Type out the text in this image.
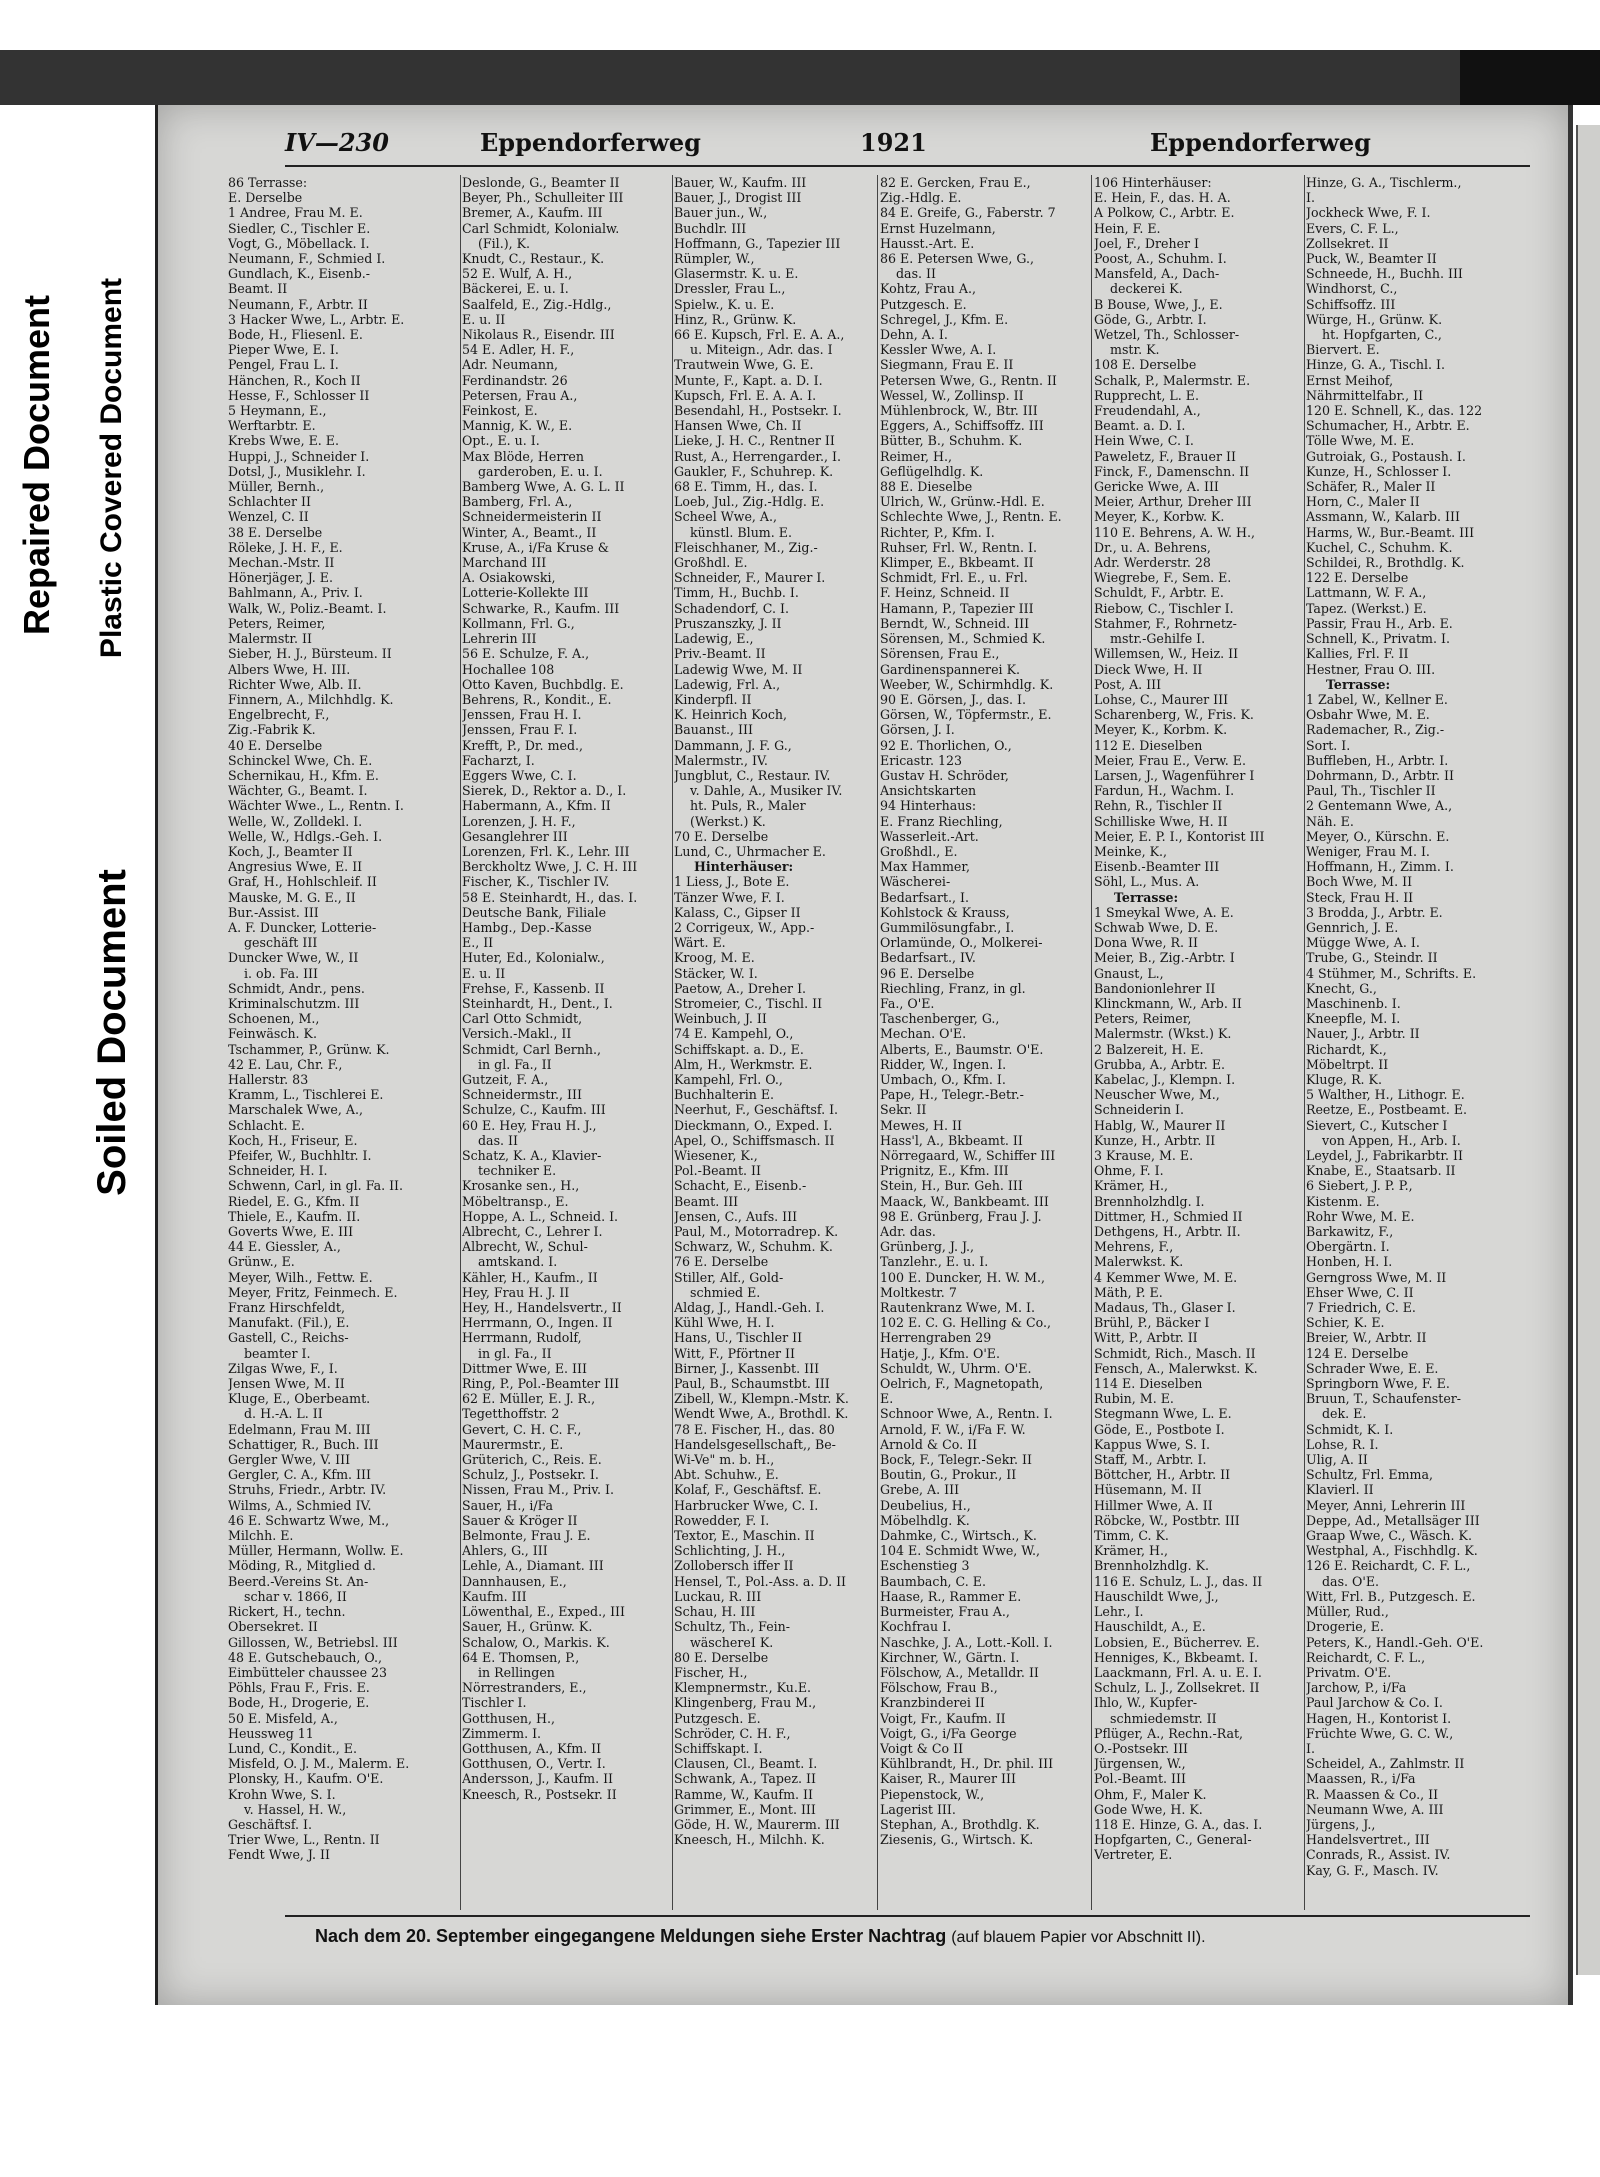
Repaired Document Plastic Covered Document
Soiled Document
IV—230	Eppendorferweg	1921	Eppendorferweg
86 Terrasse:
E. Derselbe
1 Andree, Frau M. E.
Siedler, C., Tischler E.
Vogt, G., Möbellack. I.
Neumann, F., Schmied I.
Gundlach, K., Eisenb.-
Beamt. II
Neumann, F., Arbtr. II
3 Hacker Wwe, L., Arbtr. E.
Bode, H., Fliesenl. E.
Pieper Wwe, E. I.
Pengel, Frau L. I.
Hänchen, R., Koch II
Hesse, F., Schlosser II
5 Heymann, E.,
Werftarbtr. E.
Krebs Wwe, E. E.
Huppi, J., Schneider I.
Dotsl, J., Musiklehr. I.
Müller, Bernh.,
Schlachter II
Wenzel, C. II
38 E. Derselbe
Röleke, J. H. F., E.
Mechan.-Mstr. II
Hönerjäger, J. E.
Bahlmann, A., Priv. I.
Walk, W., Poliz.-Beamt. I.
Peters, Reimer,
Malermstr. II
Sieber, H. J., Bürsteum. II
Albers Wwe, H. III.
Richter Wwe, Alb. II.
Finnern, A., Milchhdlg. K.
Engelbrecht, F.,
Zig.-Fabrik K.
40 E. Derselbe
Schinckel Wwe, Ch. E.
Schernikau, H., Kfm. E.
Wächter, G., Beamt. I.
Wächter Wwe., L., Rentn. I.
Welle, W., Zolldekl. I.
Welle, W., Hdlgs.-Geh. I.
Koch, J., Beamter II
Angresius Wwe, E. II
Graf, H., Hohlschleif. II
Mauske, M. G. E., II
Bur.-Assist. III
A. F. Duncker, Lotterie-
geschäft III
Duncker Wwe, W., II
i. ob. Fa. III
Schmidt, Andr., pens.
Kriminalschutzm. III
Schoenen, M.,
Feinwäsch. K.
Tschammer, P., Grünw. K.
42 E. Lau, Chr. F.,
Hallerstr. 83
Kramm, L., Tischlerei E.
Marschalek Wwe, A.,
Schlacht. E.
Koch, H., Friseur, E.
Pfeifer, W., Buchhltr. I.
Schneider, H. I.
Schwenn, Carl, in gl. Fa. II.
Riedel, E. G., Kfm. II
Thiele, E., Kaufm. II.
Goverts Wwe, E. III
44 E. Giessler, A.,
Grünw., E.
Meyer, Wilh., Fettw. E.
Meyer, Fritz, Feinmech. E.
Franz Hirschfeldt,
Manufakt. (Fil.), E.
Gastell, C., Reichs-
beamter I.
Zilgas Wwe, F., I.
Jensen Wwe, M. II
Kluge, E., Oberbeamt.
d. H.-A. L. II
Edelmann, Frau M. III
Schattiger, R., Buch. III
Gergler Wwe, V. III
Gergler, C. A., Kfm. III
Struhs, Friedr., Arbtr. IV.
Wilms, A., Schmied IV.
46 E. Schwartz Wwe, M.,
Milchh. E.
Müller, Hermann, Wollw. E.
Möding, R., Mitglied d.
Beerd.-Vereins St. An-
schar v. 1866, II
Rickert, H., techn.
Obersekret. II
Gillossen, W., Betriebsl. III
48 E. Gutschebauch, O.,
Eimbütteler chaussee 23
Pöhls, Frau F., Fris. E.
Bode, H., Drogerie, E.
50 E. Misfeld, A.,
Heussweg 11
Lund, C., Kondit., E.
Misfeld, O. J. M., Malerm. E.
Plonsky, H., Kaufm. O'E.
Krohn Wwe, S. I.
v. Hassel, H. W.,
Geschäftsf. I.
Trier Wwe, L., Rentn. II
Fendt Wwe, J. II
Deslonde, G., Beamter II
Beyer, Ph., Schulleiter III
Bremer, A., Kaufm. III
Carl Schmidt, Kolonialw.
(Fil.), K.
Knudt, C., Restaur., K.
52 E. Wulf, A. H.,
Bäckerei, E. u. I.
Saalfeld, E., Zig.-Hdlg.,
E. u. II
Nikolaus R., Eisendr. III
54 E. Adler, H. F.,
Adr. Neumann,
Ferdinandstr. 26
Petersen, Frau A.,
Feinkost, E.
Mannig, K. W., E.
Opt., E. u. I.
Max Blöde, Herren
garderoben, E. u. I.
Bamberg Wwe, A. G. L. II
Bamberg, Frl. A.,
Schneidermeisterin II
Winter, A., Beamt., II
Kruse, A., i/Fa Kruse &
Marchand III
A. Osiakowski,
Lotterie-Kollekte III
Schwarke, R., Kaufm. III
Kollmann, Frl. G.,
Lehrerin III
56 E. Schulze, F. A.,
Hochallee 108
Otto Kaven, Buchbdlg. E.
Behrens, R., Kondit., E.
Jenssen, Frau H. I.
Jenssen, Frau F. I.
Krefft, P., Dr. med.,
Facharzt, I.
Eggers Wwe, C. I.
Sierek, D., Rektor a. D., I.
Habermann, A., Kfm. II
Lorenzen, J. H. F.,
Gesanglehrer III
Lorenzen, Frl. K., Lehr. III
Berckholtz Wwe, J. C. H. III
Fischer, K., Tischler IV.
58 E. Steinhardt, H., das. I.
Deutsche Bank, Filiale
Hambg., Dep.-Kasse
E., II
Huter, Ed., Kolonialw.,
E. u. II
Frehse, F., Kassenb. II
Steinhardt, H., Dent., I.
Carl Otto Schmidt,
Versich.-Makl., II
Schmidt, Carl Bernh.,
in gl. Fa., II
Gutzeit, F. A.,
Schneidermstr., III
Schulze, C., Kaufm. III
60 E. Hey, Frau H. J.,
das. II
Schatz, K. A., Klavier-
techniker E.
Krosanke sen., H.,
Möbeltransp., E.
Hoppe, A. L., Schneid. I.
Albrecht, C., Lehrer I.
Albrecht, W., Schul-
amtskand. I.
Kähler, H., Kaufm., II
Hey, Frau H. J. II
Hey, H., Handelsvertr., II
Herrmann, O., Ingen. II
Herrmann, Rudolf,
in gl. Fa., II
Dittmer Wwe, E. III
Ring, P., Pol.-Beamter III
62 E. Müller, E. J. R.,
Tegetthoffstr. 2
Gevert, C. H. C. F.,
Maurermstr., E.
Grüterich, C., Reis. E.
Schulz, J., Postsekr. I.
Nissen, Frau M., Priv. I.
Sauer, H., i/Fa
Sauer & Kröger II
Belmonte, Frau J. E.
Ahlers, G., III
Lehle, A., Diamant. III
Dannhausen, E.,
Kaufm. III
Löwenthal, E., Exped., III
Sauer, H., Grünw. K.
Schalow, O., Markis. K.
64 E. Thomsen, P.,
in Rellingen
Nörrestranders, E.,
Tischler I.
Gotthusen, H.,
Zimmerm. I.
Gotthusen, A., Kfm. II
Gotthusen, O., Vertr. I.
Andersson, J., Kaufm. II
Kneesch, R., Postsekr. II
Bauer, W., Kaufm. III
Bauer, J., Drogist III
Bauer jun., W.,
Buchdlr. III
Hoffmann, G., Tapezier III
Rümpler, W.,
Glasermstr. K. u. E.
Dressler, Frau L.,
Spielw., K. u. E.
Hinz, R., Grünw. K.
66 E. Kupsch, Frl. E. A. A.,
u. Miteign., Adr. das. I
Trautwein Wwe, G. E.
Munte, F., Kapt. a. D. I.
Kupsch, Frl. E. A. A. I.
Besendahl, H., Postsekr. I.
Hansen Wwe, Ch. II
Lieke, J. H. C., Rentner II
Rust, A., Herrengarder., I.
Gaukler, F., Schuhrep. K.
68 E. Timm, H., das. I.
Loeb, Jul., Zig.-Hdlg. E.
Scheel Wwe, A.,
künstl. Blum. E.
Fleischhaner, M., Zig.-
Großhdl. E.
Schneider, F., Maurer I.
Timm, H., Buchb. I.
Schadendorf, C. I.
Pruszanszky, J. II
Ladewig, E.,
Priv.-Beamt. II
Ladewig Wwe, M. II
Ladewig, Frl. A.,
Kinderpfl. II
K. Heinrich Koch,
Bauanst., III
Dammann, J. F. G.,
Malermstr., IV.
Jungblut, C., Restaur. IV.
v. Dahle, A., Musiker IV.
ht. Puls, R., Maler
(Werkst.) K.
70 E. Derselbe
Lund, C., Uhrmacher E.
Hinterhäuser:
1 Liess, J., Bote E.
Tänzer Wwe, F. I.
Kalass, C., Gipser II
2 Corrigeux, W., App.-
Wärt. E.
Kroog, M. E.
Stäcker, W. I.
Paetow, A., Dreher I.
Stromeier, C., Tischl. II
Weinbuch, J. II
74 E. Kampehl, O.,
Schiffskapt. a. D., E.
Alm, H., Werkmstr. E.
Kampehl, Frl. O.,
Buchhalterin E.
Neerhut, F., Geschäftsf. I.
Dieckmann, O., Exped. I.
Apel, O., Schiffsmasch. II
Wiesener, K.,
Pol.-Beamt. II
Schacht, E., Eisenb.-
Beamt. III
Jensen, C., Aufs. III
Paul, M., Motorradrep. K.
Schwarz, W., Schuhm. K.
76 E. Derselbe
Stiller, Alf., Gold-
schmied E.
Aldag, J., Handl.-Geh. I.
Kühl Wwe, H. I.
Hans, U., Tischler II
Witt, F., Pförtner II
Birner, J., Kassenbt. III
Paul, B., Schaumstbt. III
Zibell, W., Klempn.-Mstr. K.
Wendt Wwe, A., Brothdl. K.
78 E. Fischer, H., das. 80
Handelsgesellschaft,, Be-
Wi-Ve" m. b. H.,
Abt. Schuhw., E.
Kolaf, F., Geschäftsf. E.
Harbrucker Wwe, C. I.
Rowedder, F. I.
Textor, E., Maschin. II
Schlichting, J. H.,
Zollobersch iffer II
Hensel, T., Pol.-Ass. a. D. II
Luckau, R. III
Schau, H. III
Schultz, Th., Fein-
wäschereI K.
80 E. Derselbe
Fischer, H.,
Klempnermstr., Ku.E.
Klingenberg, Frau M.,
Putzgesch. E.
Schröder, C. H. F.,
Schiffskapt. I.
Clausen, Cl., Beamt. I.
Schwank, A., Tapez. II
Ramme, W., Kaufm. II
Grimmer, E., Mont. III
Göde, H. W., Maurerm. III
Kneesch, H., Milchh. K.
82 E. Gercken, Frau E.,
Zig.-Hdlg. E.
84 E. Greife, G., Faberstr. 7
Ernst Huzelmann,
Hausst.-Art. E.
86 E. Petersen Wwe, G.,
das. II
Kohtz, Frau A.,
Putzgesch. E.
Schregel, J., Kfm. E.
Dehn, A. I.
Kessler Wwe, A. I.
Siegmann, Frau E. II
Petersen Wwe, G., Rentn. II
Wessel, W., Zollinsp. II
Mühlenbrock, W., Btr. III
Eggers, A., Schiffsoffz. III
Bütter, B., Schuhm. K.
Reimer, H.,
Geflügelhdlg. K.
88 E. Dieselbe
Ulrich, W., Grünw.-Hdl. E.
Schlechte Wwe, J., Rentn. E.
Richter, P., Kfm. I.
Ruhser, Frl. W., Rentn. I.
Klimper, E., Bkbeamt. II
Schmidt, Frl. E., u. Frl.
F. Heinz, Schneid. II
Hamann, P., Tapezier III
Berndt, W., Schneid. III
Sörensen, M., Schmied K.
Sörensen, Frau E.,
Gardinenspannerei K.
Weeber, W., Schirmhdlg. K.
90 E. Görsen, J., das. I.
Görsen, W., Töpfermstr., E.
Görsen, J. I.
92 E. Thorlichen, O.,
Ericastr. 123
Gustav H. Schröder,
Ansichtskarten
94 Hinterhaus:
E. Franz Riechling,
Wasserleit.-Art.
Großhdl., E.
Max Hammer,
Wäscherei-
Bedarfsart., I.
Kohlstock & Krauss,
Gummilösungfabr., I.
Orlamünde, O., Molkerei-
Bedarfsart., IV.
96 E. Derselbe
Riechling, Franz, in gl.
Fa., O'E.
Taschenberger, G.,
Mechan. O'E.
Alberts, E., Baumstr. O'E.
Ridder, W., Ingen. I.
Umbach, O., Kfm. I.
Pape, H., Telegr.-Betr.-
Sekr. II
Mewes, H. II
Hass'l, A., Bkbeamt. II
Nörregaard, W., Schiffer III
Prignitz, E., Kfm. III
Stein, H., Bur. Geh. III
Maack, W., Bankbeamt. III
98 E. Grünberg, Frau J. J.
Adr. das.
Grünberg, J. J.,
Tanzlehr., E. u. I.
100 E. Duncker, H. W. M.,
Moltkestr. 7
Rautenkranz Wwe, M. I.
102 E. C. G. Helling & Co.,
Herrengraben 29
Hatje, J., Kfm. O'E.
Schuldt, W., Uhrm. O'E.
Oelrich, F., Magnetopath,
E.
Schnoor Wwe, A., Rentn. I.
Arnold, F. W., i/Fa F. W.
Arnold & Co. II
Bock, F., Telegr.-Sekr. II
Boutin, G., Prokur., II
Grebe, A. III
Deubelius, H.,
Möbelhdlg. K.
Dahmke, C., Wirtsch., K.
104 E. Schmidt Wwe, W.,
Eschenstieg 3
Baumbach, C. E.
Haase, R., Rammer E.
Burmeister, Frau A.,
Kochfrau I.
Naschke, J. A., Lott.-Koll. I.
Kirchner, W., Gärtn. I.
Fölschow, A., Metalldr. II
Fölschow, Frau B.,
Kranzbinderei II
Voigt, Fr., Kaufm. II
Voigt, G., i/Fa George
Voigt & Co II
Kühlbrandt, H., Dr. phil. III
Kaiser, R., Maurer III
Piepenstock, W.,
Lagerist III.
Stephan, A., Brothdlg. K.
Ziesenis, G., Wirtsch. K.
106 Hinterhäuser:
E. Hein, F., das. H. A.
A Polkow, C., Arbtr. E.
Hein, F. E.
Joel, F., Dreher I
Poost, A., Schuhm. I.
Mansfeld, A., Dach-
deckerei K.
B Bouse, Wwe, J., E.
Göde, G., Arbtr. I.
Wetzel, Th., Schlosser-
mstr. K.
108 E. Derselbe
Schalk, P., Malermstr. E.
Rupprecht, L. E.
Freudendahl, A.,
Beamt. a. D. I.
Hein Wwe, C. I.
Paweletz, F., Brauer II
Finck, F., Damenschn. II
Gericke Wwe, A. III
Meier, Arthur, Dreher III
Meyer, K., Korbw. K.
110 E. Behrens, A. W. H.,
Dr., u. A. Behrens,
Adr. Werderstr. 28
Wiegrebe, F., Sem. E.
Schuldt, F., Arbtr. E.
Riebow, C., Tischler I.
Stahmer, F., Rohrnetz-
mstr.-Gehilfe I.
Willemsen, W., Heiz. II
Dieck Wwe, H. II
Post, A. III
Lohse, C., Maurer III
Scharenberg, W., Fris. K.
Meyer, K., Korbm. K.
112 E. Dieselben
Meier, Frau E., Verw. E.
Larsen, J., Wagenführer I
Fardun, H., Wachm. I.
Rehn, R., Tischler II
Schilliske Wwe, H. II
Meier, E. P. I., Kontorist III
Meinke, K.,
Eisenb.-Beamter III
Söhl, L., Mus. A.
Terrasse:
1 Smeykal Wwe, A. E.
Schwab Wwe, D. E.
Dona Wwe, R. II
Meier, B., Zig.-Arbtr. I
Gnaust, L.,
Bandonionlehrer II
Klinckmann, W., Arb. II
Peters, Reimer,
Malermstr. (Wkst.) K.
2 Balzereit, H. E.
Grubba, A., Arbtr. E.
Kabelac, J., Klempn. I.
Neuscher Wwe, M.,
Schneiderin I.
Hablg, W., Maurer II
Kunze, H., Arbtr. II
3 Krause, M. E.
Ohme, F. I.
Krämer, H.,
Brennholzhdlg. I.
Dittmer, H., Schmied II
Dethgens, H., Arbtr. II.
Mehrens, F.,
Malerwkst. K.
4 Kemmer Wwe, M. E.
Mäth, P. E.
Madaus, Th., Glaser I.
Brühl, P., Bäcker I
Witt, P., Arbtr. II
Schmidt, Rich., Masch. II
Fensch, A., Malerwkst. K.
114 E. Dieselben
Rubin, M. E.
Stegmann Wwe, L. E.
Göde, E., Postbote I.
Kappus Wwe, S. I.
Staff, M., Arbtr. I.
Böttcher, H., Arbtr. II
Hüsemann, M. II
Hillmer Wwe, A. II
Röbcke, W., Postbtr. III
Timm, C. K.
Krämer, H.,
Brennholzhdlg. K.
116 E. Schulz, L. J., das. II
Hauschildt Wwe, J.,
Lehr., I.
Hauschildt, A., E.
Lobsien, E., Bücherrev. E.
Henniges, K., Bkbeamt. I.
Laackmann, Frl. A. u. E. I.
Schulz, L. J., Zollsekret. II
Ihlo, W., Kupfer-
schmiedemstr. II
Pflüger, A., Rechn.-Rat,
O.-Postsekr. III
Jürgensen, W.,
Pol.-Beamt. III
Ohm, F., Maler K.
Gode Wwe, H. K.
118 E. Hinze, G. A., das. I.
Hopfgarten, C., General-
Vertreter, E.
Hinze, G. A., Tischlerm.,
I.
Jockheck Wwe, F. I.
Evers, C. F. L.,
Zollsekret. II
Puck, W., Beamter II
Schneede, H., Buchh. III
Windhorst, C.,
Schiffsoffz. III
Würge, H., Grünw. K.
ht. Hopfgarten, C.,
Biervert. E.
Hinze, G. A., Tischl. I.
Ernst Meihof,
Nährmittelfabr., II
120 E. Schnell, K., das. 122
Schumacher, H., Arbtr. E.
Tölle Wwe, M. E.
Gutroiak, G., Postaush. I.
Kunze, H., Schlosser I.
Schäfer, R., Maler II
Horn, C., Maler II
Assmann, W., Kalarb. III
Harms, W., Bur.-Beamt. III
Kuchel, C., Schuhm. K.
Schildei, R., Brothdlg. K.
122 E. Derselbe
Lattmann, W. F. A.,
Tapez. (Werkst.) E.
Passir, Frau H., Arb. E.
Schnell, K., Privatm. I.
Kallies, Frl. F. II
Hestner, Frau O. III.
Terrasse:
1 Zabel, W., Kellner E.
Osbahr Wwe, M. E.
Rademacher, R., Zig.-
Sort. I.
Buffleben, H., Arbtr. I.
Dohrmann, D., Arbtr. II
Paul, Th., Tischler II
2 Gentemann Wwe, A.,
Näh. E.
Meyer, O., Kürschn. E.
Weniger, Frau M. I.
Hoffmann, H., Zimm. I.
Boch Wwe, M. II
Steck, Frau H. II
3 Brodda, J., Arbtr. E.
Gennrich, J. E.
Mügge Wwe, A. I.
Trube, G., Steindr. II
4 Stühmer, M., Schrifts. E.
Knecht, G.,
Maschinenb. I.
Kneepfle, M. I.
Nauer, J., Arbtr. II
Richardt, K.,
Möbeltrpt. II
Kluge, R. K.
5 Walther, H., Lithogr. E.
Reetze, E., Postbeamt. E.
Sievert, C., Kutscher I
von Appen, H., Arb. I.
Leydel, J., Fabrikarbtr. II
Knabe, E., Staatsarb. II
6 Siebert, J. P. P.,
Kistenm. E.
Rohr Wwe, M. E.
Barkawitz, F.,
Obergärtn. I.
Honben, H. I.
Gerngross Wwe, M. II
Ehser Wwe, C. II
7 Friedrich, C. E.
Schier, K. E.
Breier, W., Arbtr. II
124 E. Derselbe
Schrader Wwe, E. E.
Springborn Wwe, F. E.
Bruun, T., Schaufenster-
dek. E.
Schmidt, K. I.
Lohse, R. I.
Ulig, A. II
Schultz, Frl. Emma,
Klavierl. II
Meyer, Anni, Lehrerin III
Deppe, Ad., Metallsäger III
Graap Wwe, C., Wäsch. K.
Westphal, A., Fischhdlg. K.
126 E. Reichardt, C. F. L.,
das. O'E.
Witt, Frl. B., Putzgesch. E.
Müller, Rud.,
Drogerie, E.
Peters, K., Handl.-Geh. O'E.
Reichardt, C. F. L.,
Privatm. O'E.
Jarchow, P., i/Fa
Paul Jarchow & Co. I.
Hagen, H., Kontorist I.
Früchte Wwe, G. C. W.,
I.
Scheidel, A., Zahlmstr. II
Maassen, R., i/Fa
R. Maassen & Co., II
Neumann Wwe, A. III
Jürgens, J.,
Handelsvertret., III
Conrads, R., Assist. IV.
Kay, G. F., Masch. IV.
Nach dem 20. September eingegangene Meldungen siehe Erster Nachtrag (auf blauem Papier vor Abschnitt II).
